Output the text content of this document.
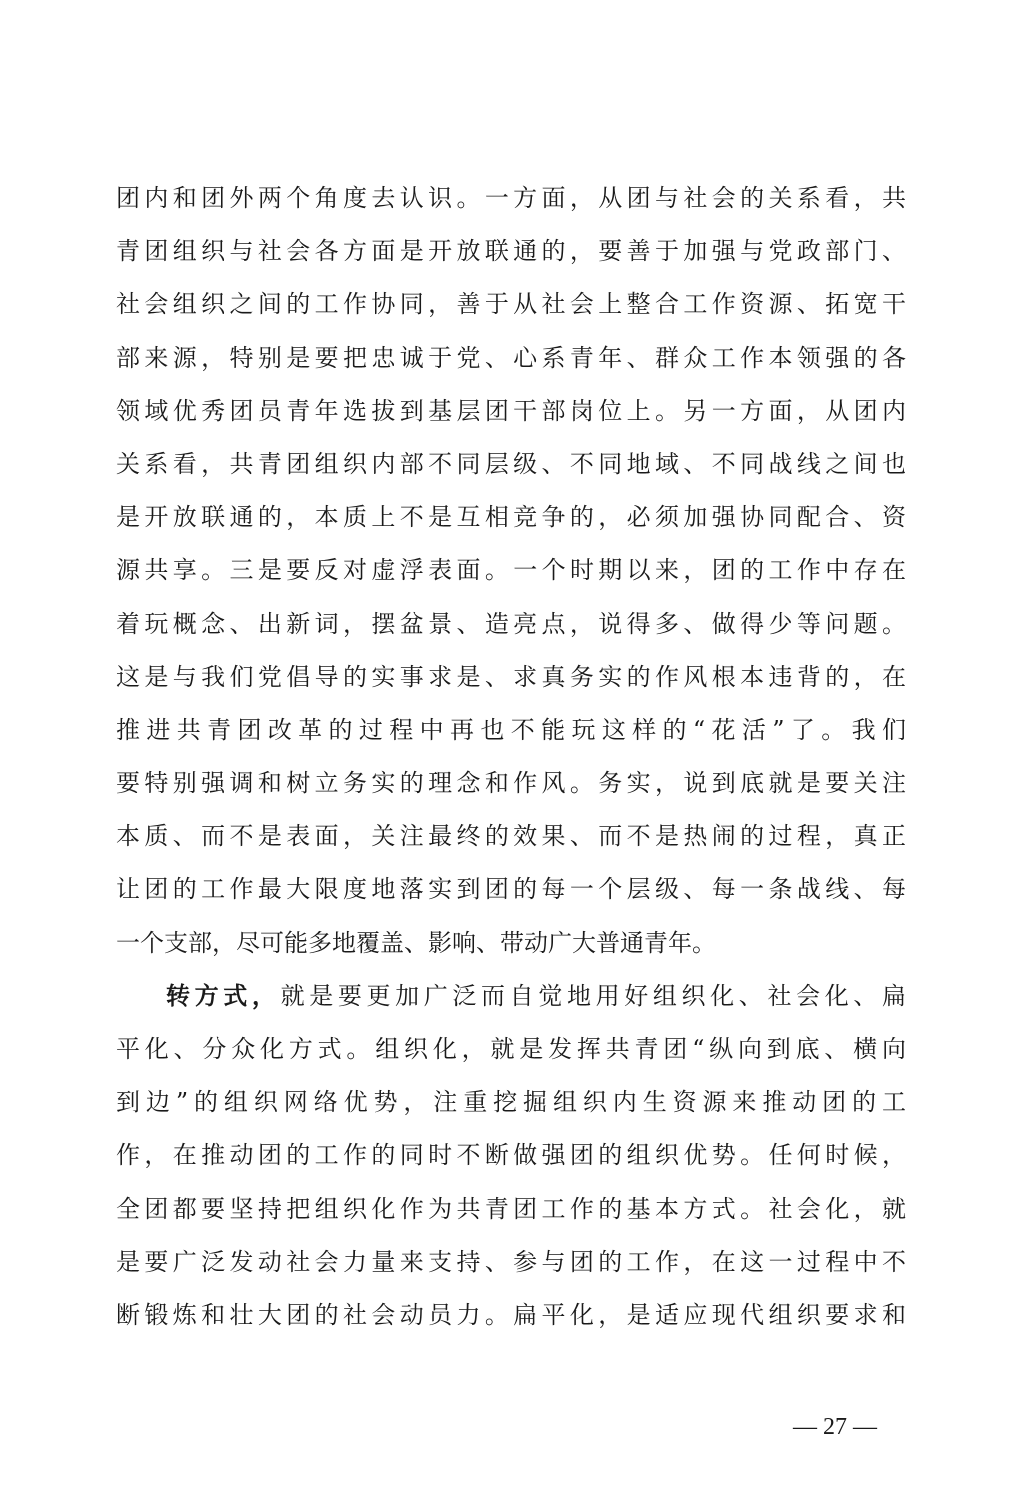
团内和团外两个角度去认识。一方面，从团与社会的关系看，共
青团组织与社会各方面是开放联通的，要善于加强与党政部门、
社会组织之间的工作协同，善于从社会上整合工作资源、拓宽干
部来源，特别是要把忠诚于党、心系青年、群众工作本领强的各
领域优秀团员青年选拔到基层团干部岗位上。另一方面，从团内
关系看，共青团组织内部不同层级、不同地域、不同战线之间也
是开放联通的，本质上不是互相竞争的，必须加强协同配合、资
源共享。三是要反对虚浮表面。一个时期以来，团的工作中存在
着玩概念、出新词，摆盆景、造亮点，说得多、做得少等问题。
这是与我们党倡导的实事求是、求真务实的作风根本违背的，在
推进共青团改革的过程中再也不能玩这样的“花活”了。我们
要特别强调和树立务实的理念和作风。务实，说到底就是要关注
本质、而不是表面，关注最终的效果、而不是热闹的过程，真正
让团的工作最大限度地落实到团的每一个层级、每一条战线、每
一个支部，尽可能多地覆盖、影响、带动广大普通青年。
转方式，就是要更加广泛而自觉地用好组织化、社会化、扁
平化、分众化方式。组织化，就是发挥共青团“纵向到底、横向
到边”的组织网络优势，注重挖掘组织内生资源来推动团的工
作，在推动团的工作的同时不断做强团的组织优势。任何时候，
全团都要坚持把组织化作为共青团工作的基本方式。社会化，就
是要广泛发动社会力量来支持、参与团的工作，在这一过程中不
断锻炼和壮大团的社会动员力。扁平化，是适应现代组织要求和
— 27 —
